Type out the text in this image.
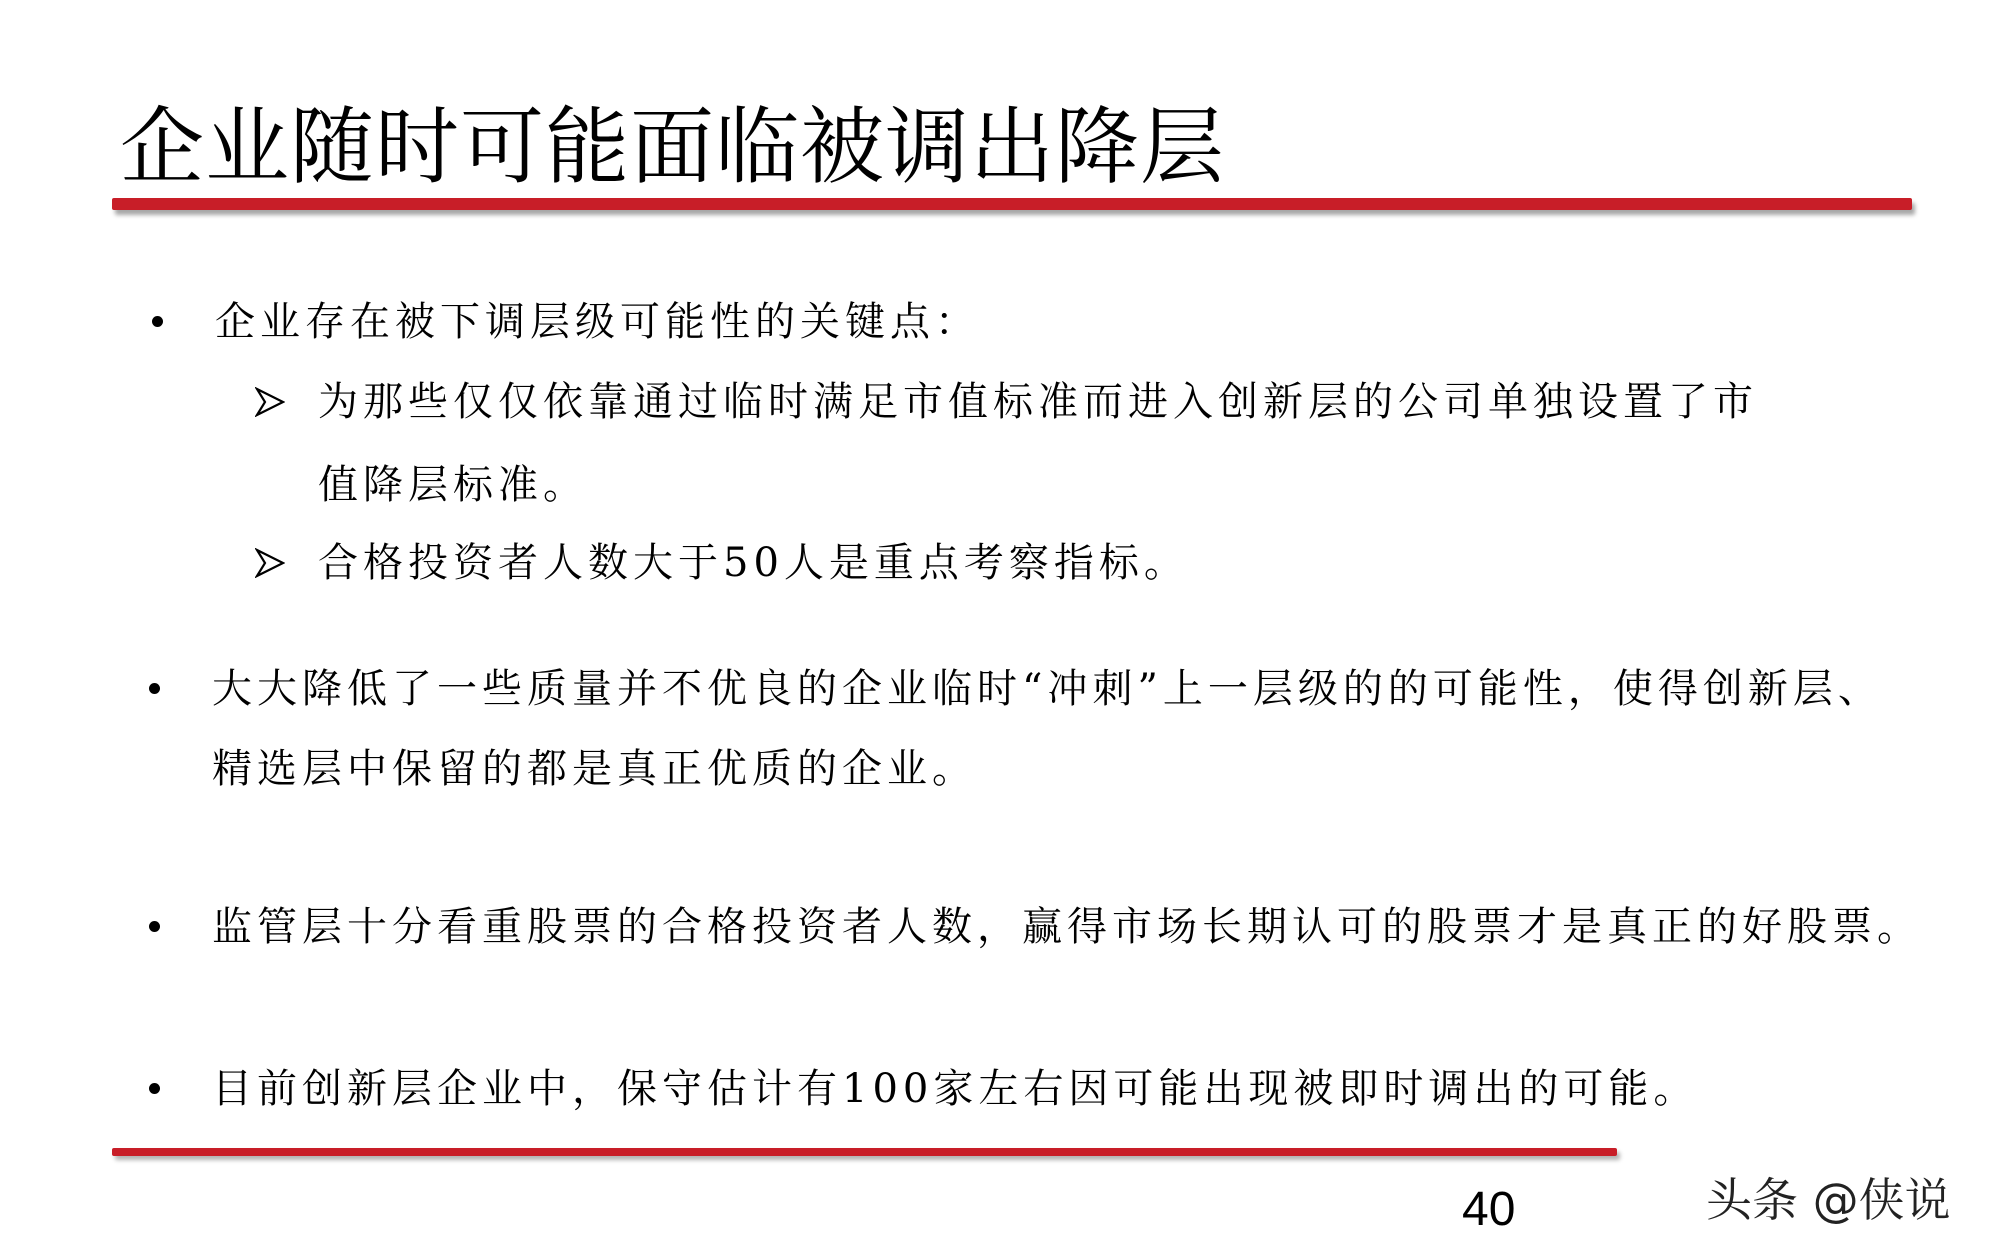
企业随时可能面临被调出降层
企业存在被下调层级可能性的关键点：
为那些仅仅依靠通过临时满足市值标准而进入创新层的公司单独设置了市
值降层标准。
合格投资者人数大于50人是重点考察指标。
大大降低了一些质量并不优良的企业临时“冲刺”上一层级的的可能性，使得创新层、
精选层中保留的都是真正优质的企业。
监管层十分看重股票的合格投资者人数，赢得市场长期认可的股票才是真正的好股票。
目前创新层企业中，保守估计有100家左右因可能出现被即时调出的可能。
40	头条 @侠说
